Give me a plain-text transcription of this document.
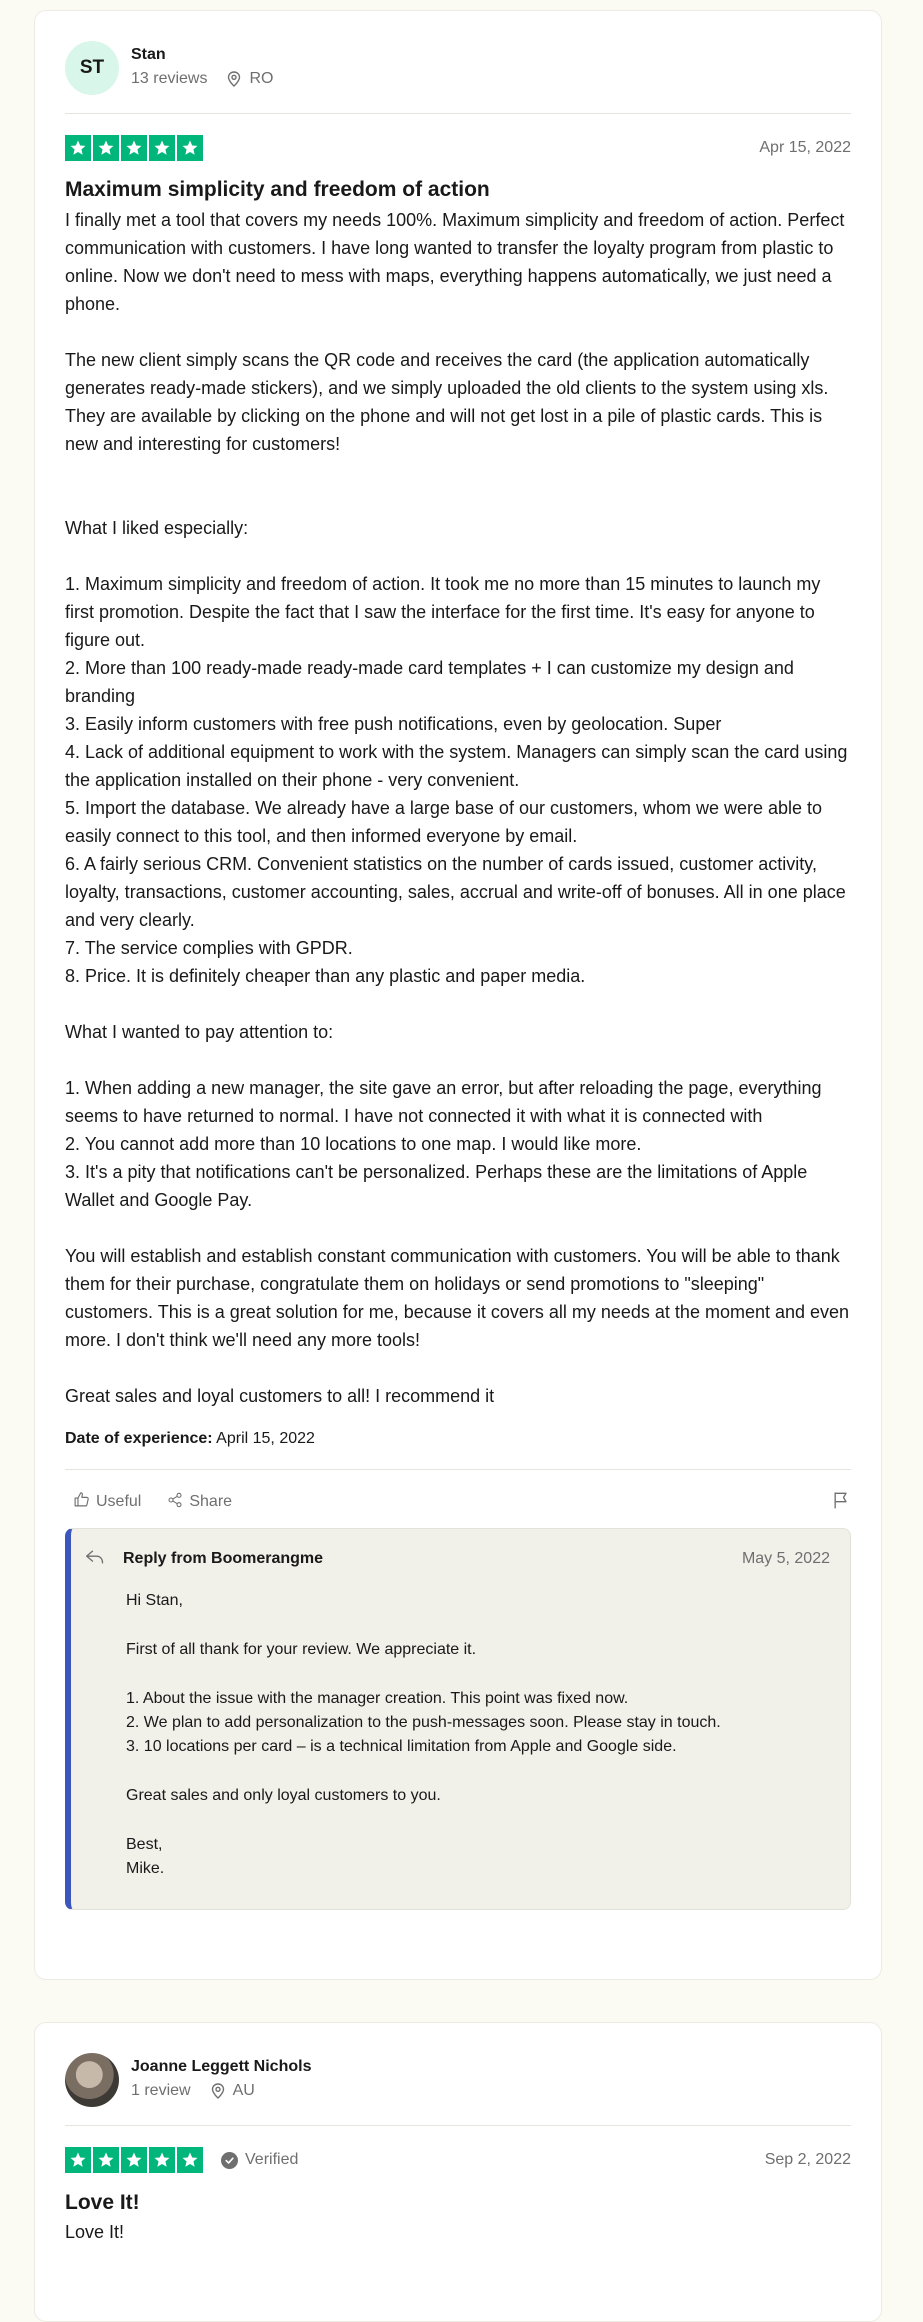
ST
Stan
13 reviews	RO
Apr 15, 2022
Maximum simplicity and freedom of action

I finally met a tool that covers my needs 100%. Maximum simplicity and freedom of action. Perfect communication with customers. I have long wanted to transfer the loyalty program from plastic to online. Now we don't need to mess with maps, everything happens automatically, we just need a phone.

The new client simply scans the QR code and receives the card (the application automatically generates ready-made stickers), and we simply uploaded the old clients to the system using xls. They are available by clicking on the phone and will not get lost in a pile of plastic cards. This is new and interesting for customers!

What I liked especially:

1. Maximum simplicity and freedom of action. It took me no more than 15 minutes to launch my first promotion. Despite the fact that I saw the interface for the first time. It's easy for anyone to figure out.
2. More than 100 ready-made ready-made card templates + I can customize my design and branding
3. Easily inform customers with free push notifications, even by geolocation. Super
4. Lack of additional equipment to work with the system. Managers can simply scan the card using the application installed on their phone - very convenient.
5. Import the database. We already have a large base of our customers, whom we were able to easily connect to this tool, and then informed everyone by email.
6. A fairly serious CRM. Convenient statistics on the number of cards issued, customer activity, loyalty, transactions, customer accounting, sales, accrual and write-off of bonuses. All in one place and very clearly.
7. The service complies with GPDR.
8. Price. It is definitely cheaper than any plastic and paper media.

What I wanted to pay attention to:

1. When adding a new manager, the site gave an error, but after reloading the page, everything seems to have returned to normal. I have not connected it with what it is connected with
2. You cannot add more than 10 locations to one map. I would like more.
3. It's a pity that notifications can't be personalized. Perhaps these are the limitations of Apple Wallet and Google Pay.

You will establish and establish constant communication with customers. You will be able to thank them for their purchase, congratulate them on holidays or send promotions to "sleeping" customers. This is a great solution for me, because it covers all my needs at the moment and even more. I don't think we'll need any more tools!

Great sales and loyal customers to all! I recommend it

Date of experience: April 15, 2022
Useful	Share
Reply from Boomerangme	May 5, 2022

Hi Stan,

First of all thank for your review. We appreciate it.

1. About the issue with the manager creation. This point was fixed now.
2. We plan to add personalization to the push-messages soon. Please stay in touch.
3. 10 locations per card – is a technical limitation from Apple and Google side.

Great sales and only loyal customers to you.

Best,
Mike.

Joanne Leggett Nichols
1 review	AU
Verified	Sep 2, 2022
Love It!

Love It!
